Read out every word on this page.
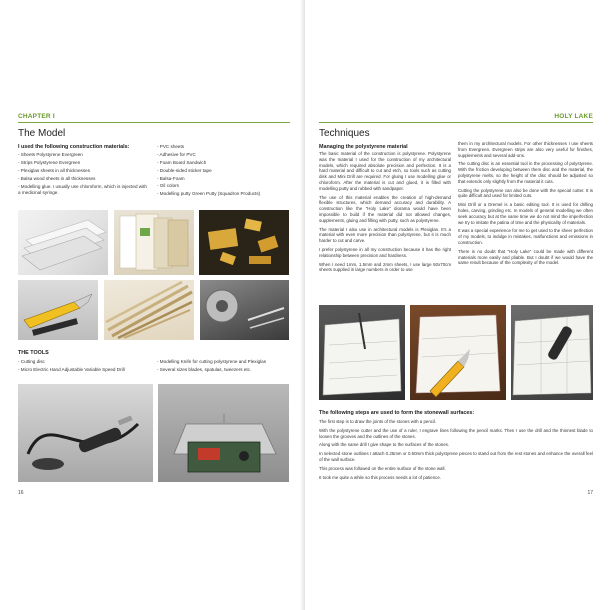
CHAPTER I
The Model
I used the following construction materials:
- Sheets Polystyrene Evergreen
- Strips Polystyrene Evergreen
- Plexiglas sheets in all thicknesses
- Balsa wood sheets in all thicknesses
- Modelling glue. I usually use chloroform, which is injected with a medicinal syringe.
- PVC sheets
- Adhesive for PVC
- Foam Board Sandwich
- Double-sided sticker tape
- Balsa-Foam
- Oil colors
- Modelling putty Green Putty (Squadron Products)
THE TOOLS
- Cutting disc
- Micro Electric Hand Adjustable Variable Speed Drill
- Modelling Knife for cutting polystyrene and Plexiglas
- Several sizes blades, spatulas, tweezers etc.
16
HOLY LAKE
Techniques
Managing the polystyrene material

The basic material of the construction is polystyrene. Polystyrene was the material I used for the construction of my architectural models, which required absolute precision and perfection. It is a hard material and difficult to cut and etch, so tools such as cutting disk and Mini Drill are required. For gluing I use modelling glue or chloroform. After the material is cut and glued, it is filled with modelling putty and rubbed with sandpaper.

The use of this material enables the creation of high-demand flexible structures, which demand accuracy and durability. A construction like the "Holy Lake" diorama would have been impossible to build if the material did not allowed changes, supplements, gluing and filling with putty, such as polystyrene.

The material I also use in architectural models is Plexiglas. It's a material with even more precision than polystyrene, but it is much harder to cut and carve.

I prefer polystyrene in all my construction because it has the right relationship between precision and hardness.

When I need 1mm, 1.5mm and 2mm sheets, I use large 50x70cm sheets supplied in large numbers in order to use

them in my architectural models. For other thicknesses I use sheets from Evergreen. Evergreen strips are also very useful for finishes, supplements and several add-ons.

The cutting disc is an essential tool in the processing of polystyrene. With the friction developing between them disc and the material, the polystyrene melts, so the height of the disc should be adjusted so that extends only slightly from the material it cuts.

Cutting the polystyrene can also be done with the special cutter. It is quite difficult and used for limited cuts.

Mini Drill or a Dremel is a basic editing tool. It is used for drilling holes, carving, grinding etc. In models of general modelling we often seek accuracy but at the same time we do not mind the imperfection we try to imitate the patina of time and the physicality of materials.

It was a special experience for me to get used to the sheer perfection of my models, to indulge in mistakes, malfunctions and emissions in construction.

There is no doubt that "Holy Lake" could be made with different materials more easily and pliable. But I doubt if we would have the same result because of the complexity of the model.

The following steps are used to form the stonewall surfaces:

The first step is to draw the joints of the stones with a pencil.

With the polystyrene cutter and the use of a ruler, I engrave lines following the pencil marks. Then I use the drill and the thinnest blade to loosen the grooves and the outlines of the stones.

Along with the same drill I give shape to the surfaces of the stones.

In selected stone outlines I attach 0.25mm or 0.50mm thick polystyrene pieces to stand out from the rest stones and enhance the overall feel of the wall surface.

This process was followed on the entire surface of the stone wall.

It took me quite a while so this process needs a lot of patience.

17
